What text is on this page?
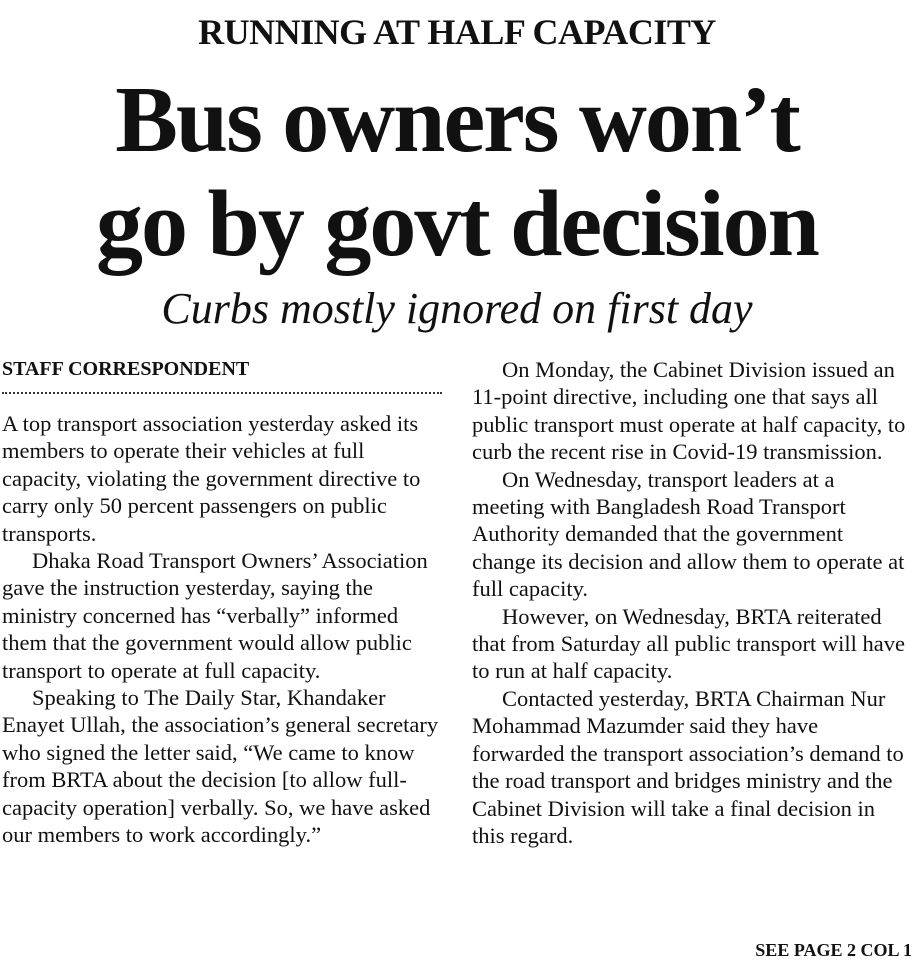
RUNNING AT HALF CAPACITY
Bus owners won’t
go by govt decision
Curbs mostly ignored on first day
STAFF CORRESPONDENT

A top transport association yesterday asked its members to operate their vehicles at full capacity, violating the government directive to carry only 50 percent passengers on public transports.

Dhaka Road Transport Owners’ Association gave the instruction yesterday, saying the ministry concerned has “verbally” informed them that the government would allow public transport to operate at full capacity.

Speaking to The Daily Star, Khandaker Enayet Ullah, the association’s general secretary who signed the letter said, “We came to know from BRTA about the decision [to allow full-capacity operation] verbally. So, we have asked our members to work accordingly.”

On Monday, the Cabinet Division issued an 11-point directive, including one that says all public transport must operate at half capacity, to curb the recent rise in Covid-19 transmission.

On Wednesday, transport leaders at a meeting with Bangladesh Road Transport Authority demanded that the government change its decision and allow them to operate at full capacity.

However, on Wednesday, BRTA reiterated that from Saturday all public transport will have to run at half capacity.

Contacted yesterday, BRTA Chairman Nur Mohammad Mazumder said they have forwarded the transport association’s demand to the road transport and bridges ministry and the Cabinet Division will take a final decision in this regard.

SEE PAGE 2 COL 1
